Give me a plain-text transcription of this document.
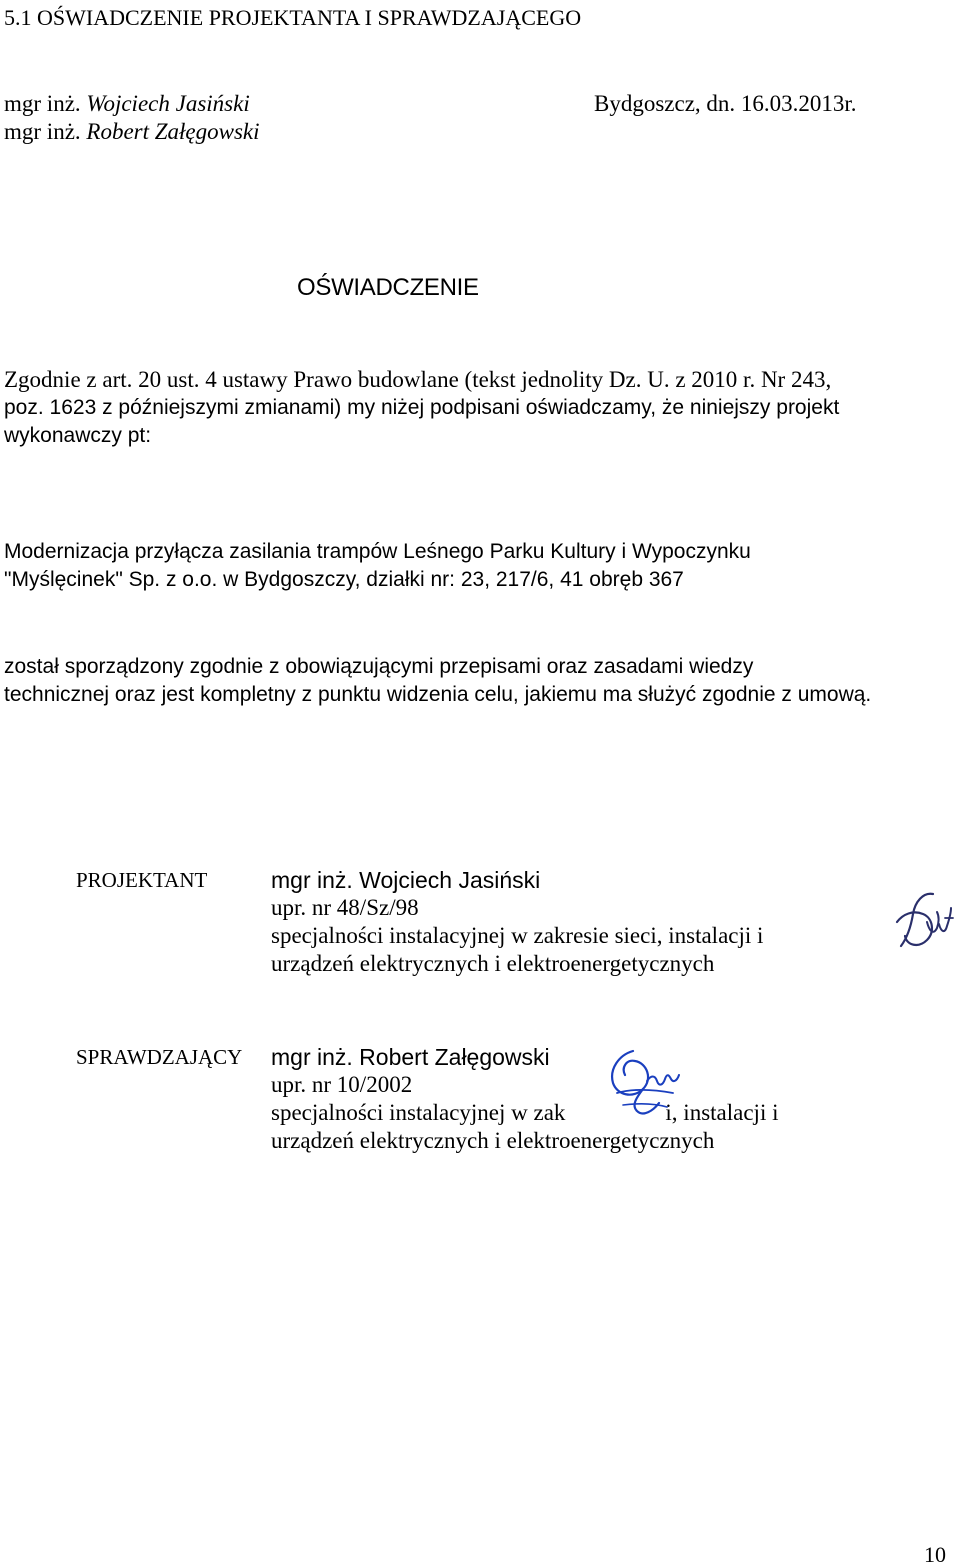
5.1 OŚWIADCZENIE PROJEKTANTA I SPRAWDZAJĄCEGO
mgr inż. Wojciech Jasiński
mgr inż. Robert Załęgowski
Bydgoszcz, dn. 16.03.2013r.
OŚWIADCZENIE
Zgodnie z art. 20 ust. 4 ustawy Prawo budowlane (tekst jednolity Dz. U. z 2010 r. Nr 243,
poz. 1623 z późniejszymi zmianami) my niżej podpisani oświadczamy, że niniejszy projekt
wykonawczy pt:
Modernizacja przyłącza zasilania trampów Leśnego Parku Kultury i Wypoczynku
"Myślęcinek" Sp. z o.o. w Bydgoszczy, działki nr: 23, 217/6, 41 obręb 367
został sporządzony zgodnie z obowiązującymi przepisami oraz zasadami wiedzy
technicznej oraz jest kompletny z punktu widzenia celu, jakiemu ma służyć zgodnie z umową.
PROJEKTANT	mgr inż. Wojciech Jasiński
upr. nr 48/Sz/98
specjalności instalacyjnej w zakresie sieci, instalacji i
urządzeń elektrycznych i elektroenergetycznych
SPRAWDZAJĄCY mgr inż. Robert Załęgowski
upr. nr 10/2002
specjalności instalacyjnej w zak	i, instalacji i
urządzeń elektrycznych i elektroenergetycznych
10
